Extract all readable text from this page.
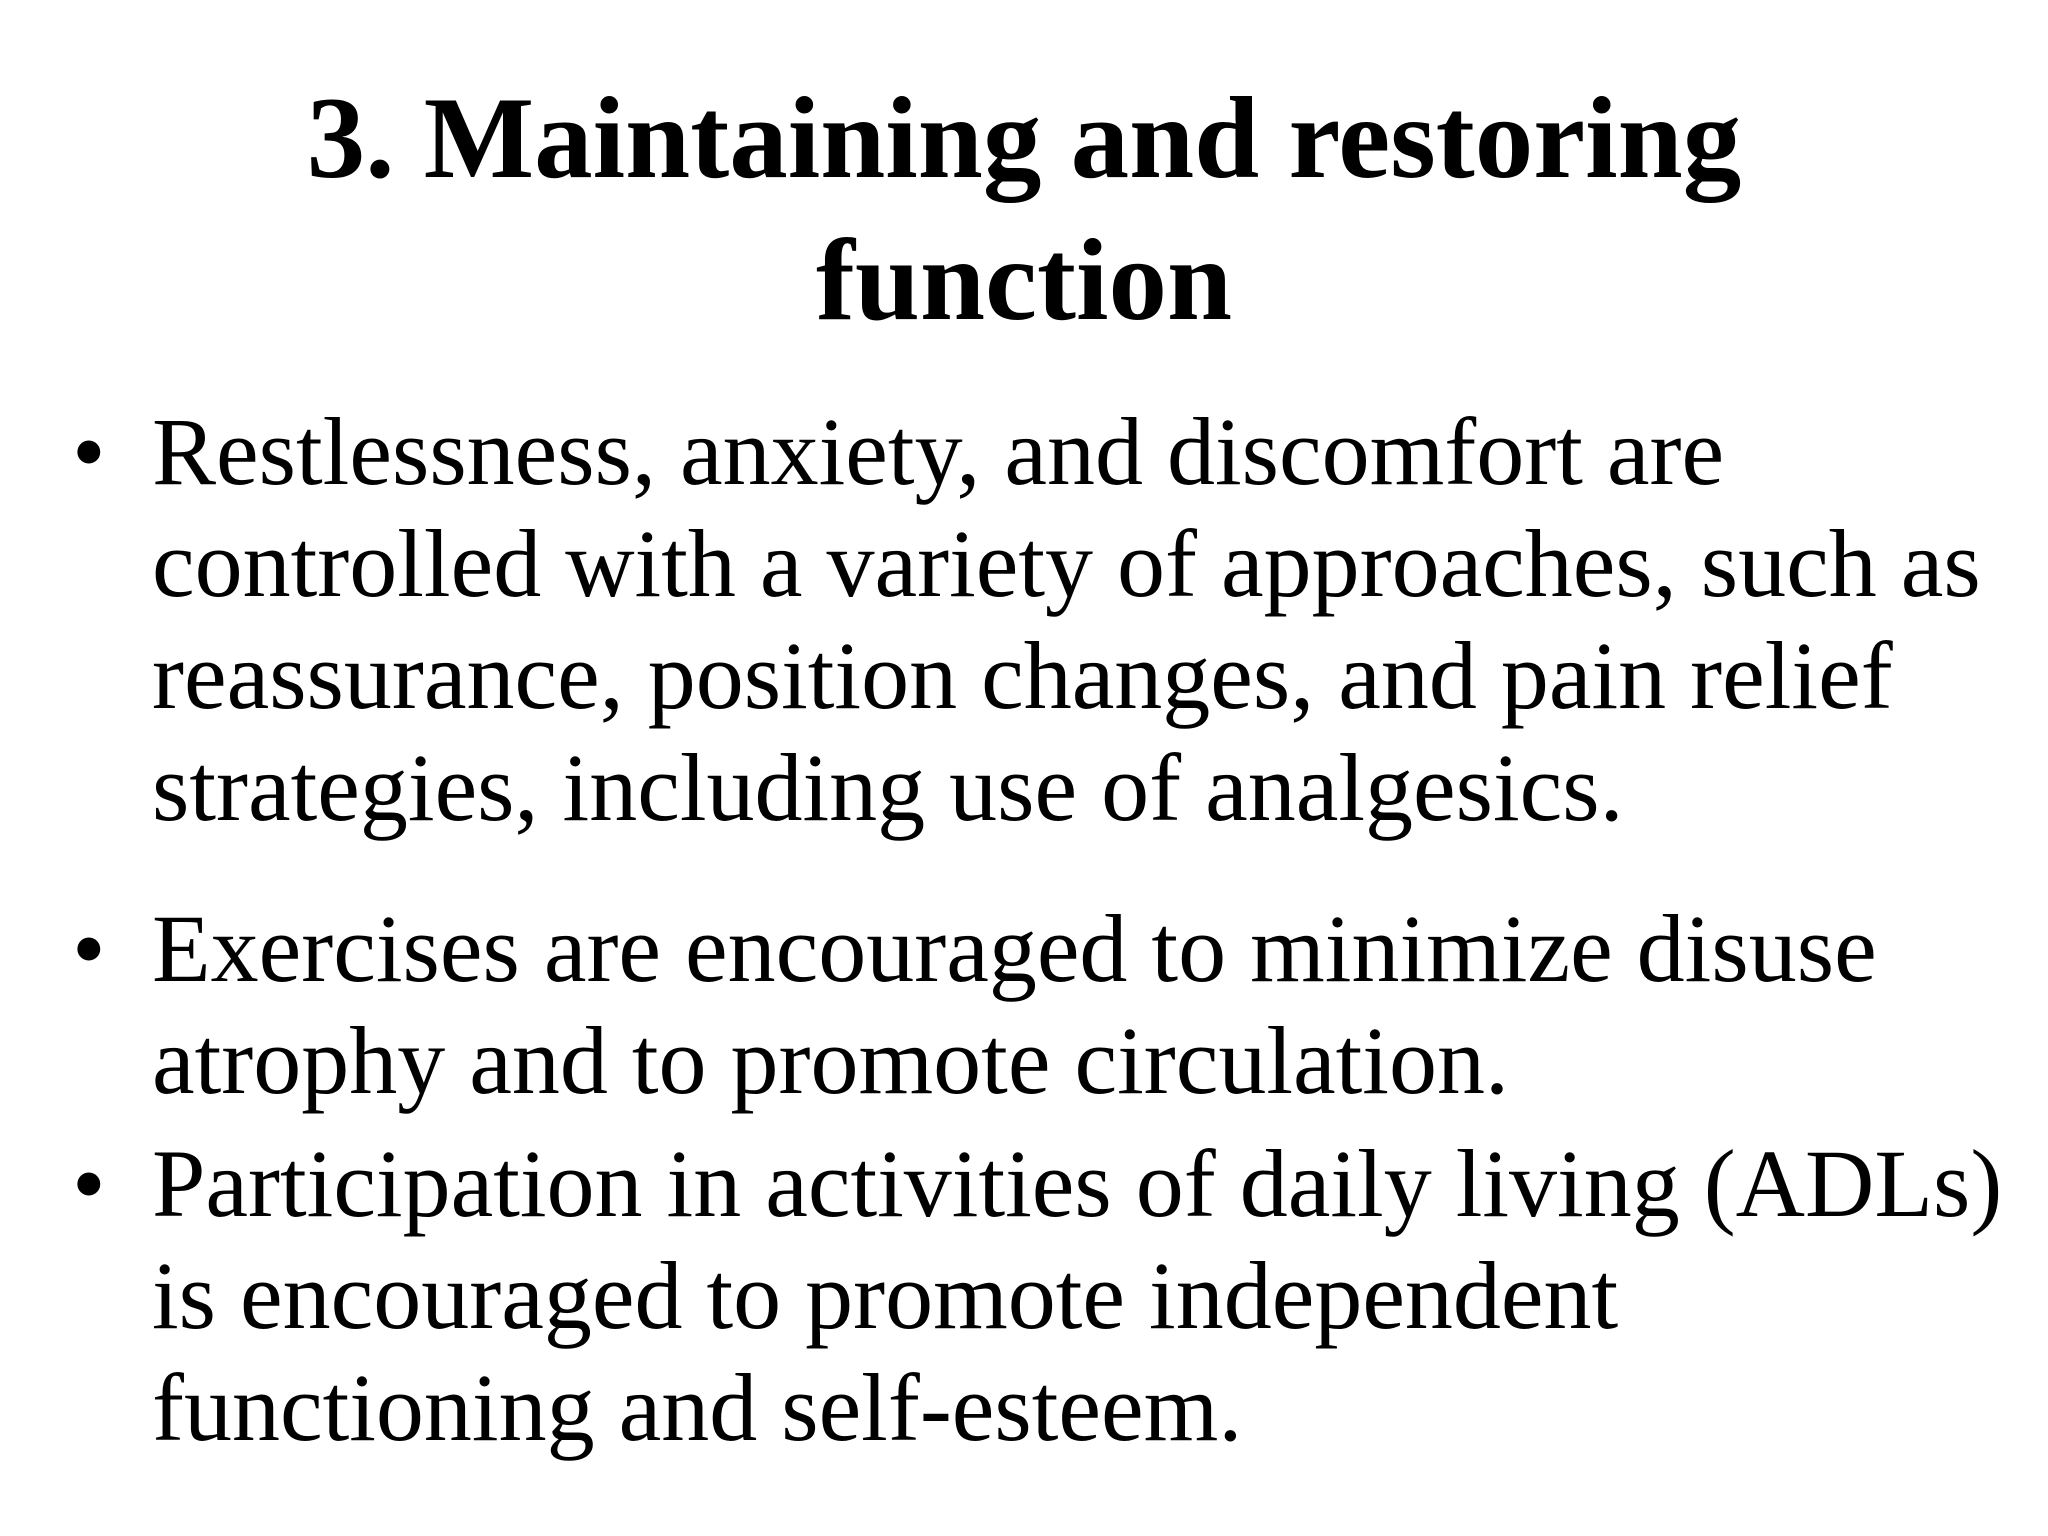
3. Maintaining and restoring
function
• Restlessness, anxiety, and discomfort are
controlled with a variety of approaches, such as
reassurance, position changes, and pain relief
strategies, including use of analgesics.
• Exercises are encouraged to minimize disuse
atrophy and to promote circulation.
• Participation in activities of daily living (ADLs)
is encouraged to promote independent
functioning and self-esteem.
